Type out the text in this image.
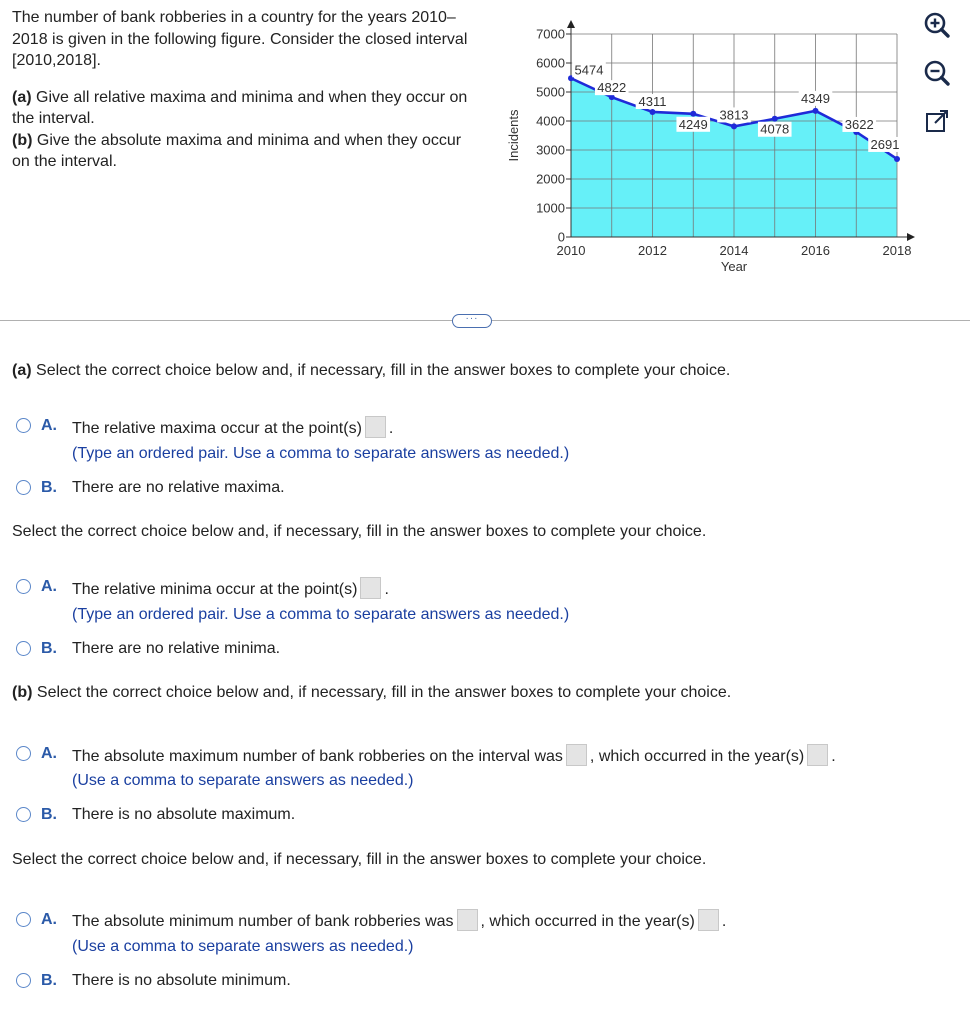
The number of bank robberies in a country for the years 2010–2018 is given in the following figure. Consider the closed interval [2010,2018].

(a) Give all relative maxima and minima and when they occur on the interval.

(b) Give the absolute maxima and minima and when they occur on the interval.

0
1000
2000
3000
4000
5000
6000
7000
2010	2012	2014	2016	2018
Year
Incidents
5474
4822
4311
4249
3813
4078
4349
3622
2691
···
(a) Select the correct choice below and, if necessary, fill in the answer boxes to complete your choice.
A. The relative maxima occur at the point(s) .
(Type an ordered pair. Use a comma to separate answers as needed.)
B. There are no relative maxima.
Select the correct choice below and, if necessary, fill in the answer boxes to complete your choice.
A. The relative minima occur at the point(s) .
(Type an ordered pair. Use a comma to separate answers as needed.)
B. There are no relative minima.
(b) Select the correct choice below and, if necessary, fill in the answer boxes to complete your choice.
A. The absolute maximum number of bank robberies on the interval was , which occurred in the year(s) .
(Use a comma to separate answers as needed.)
B. There is no absolute maximum.
Select the correct choice below and, if necessary, fill in the answer boxes to complete your choice.
A. The absolute minimum number of bank robberies was , which occurred in the year(s) .
(Use a comma to separate answers as needed.)
B. There is no absolute minimum.
